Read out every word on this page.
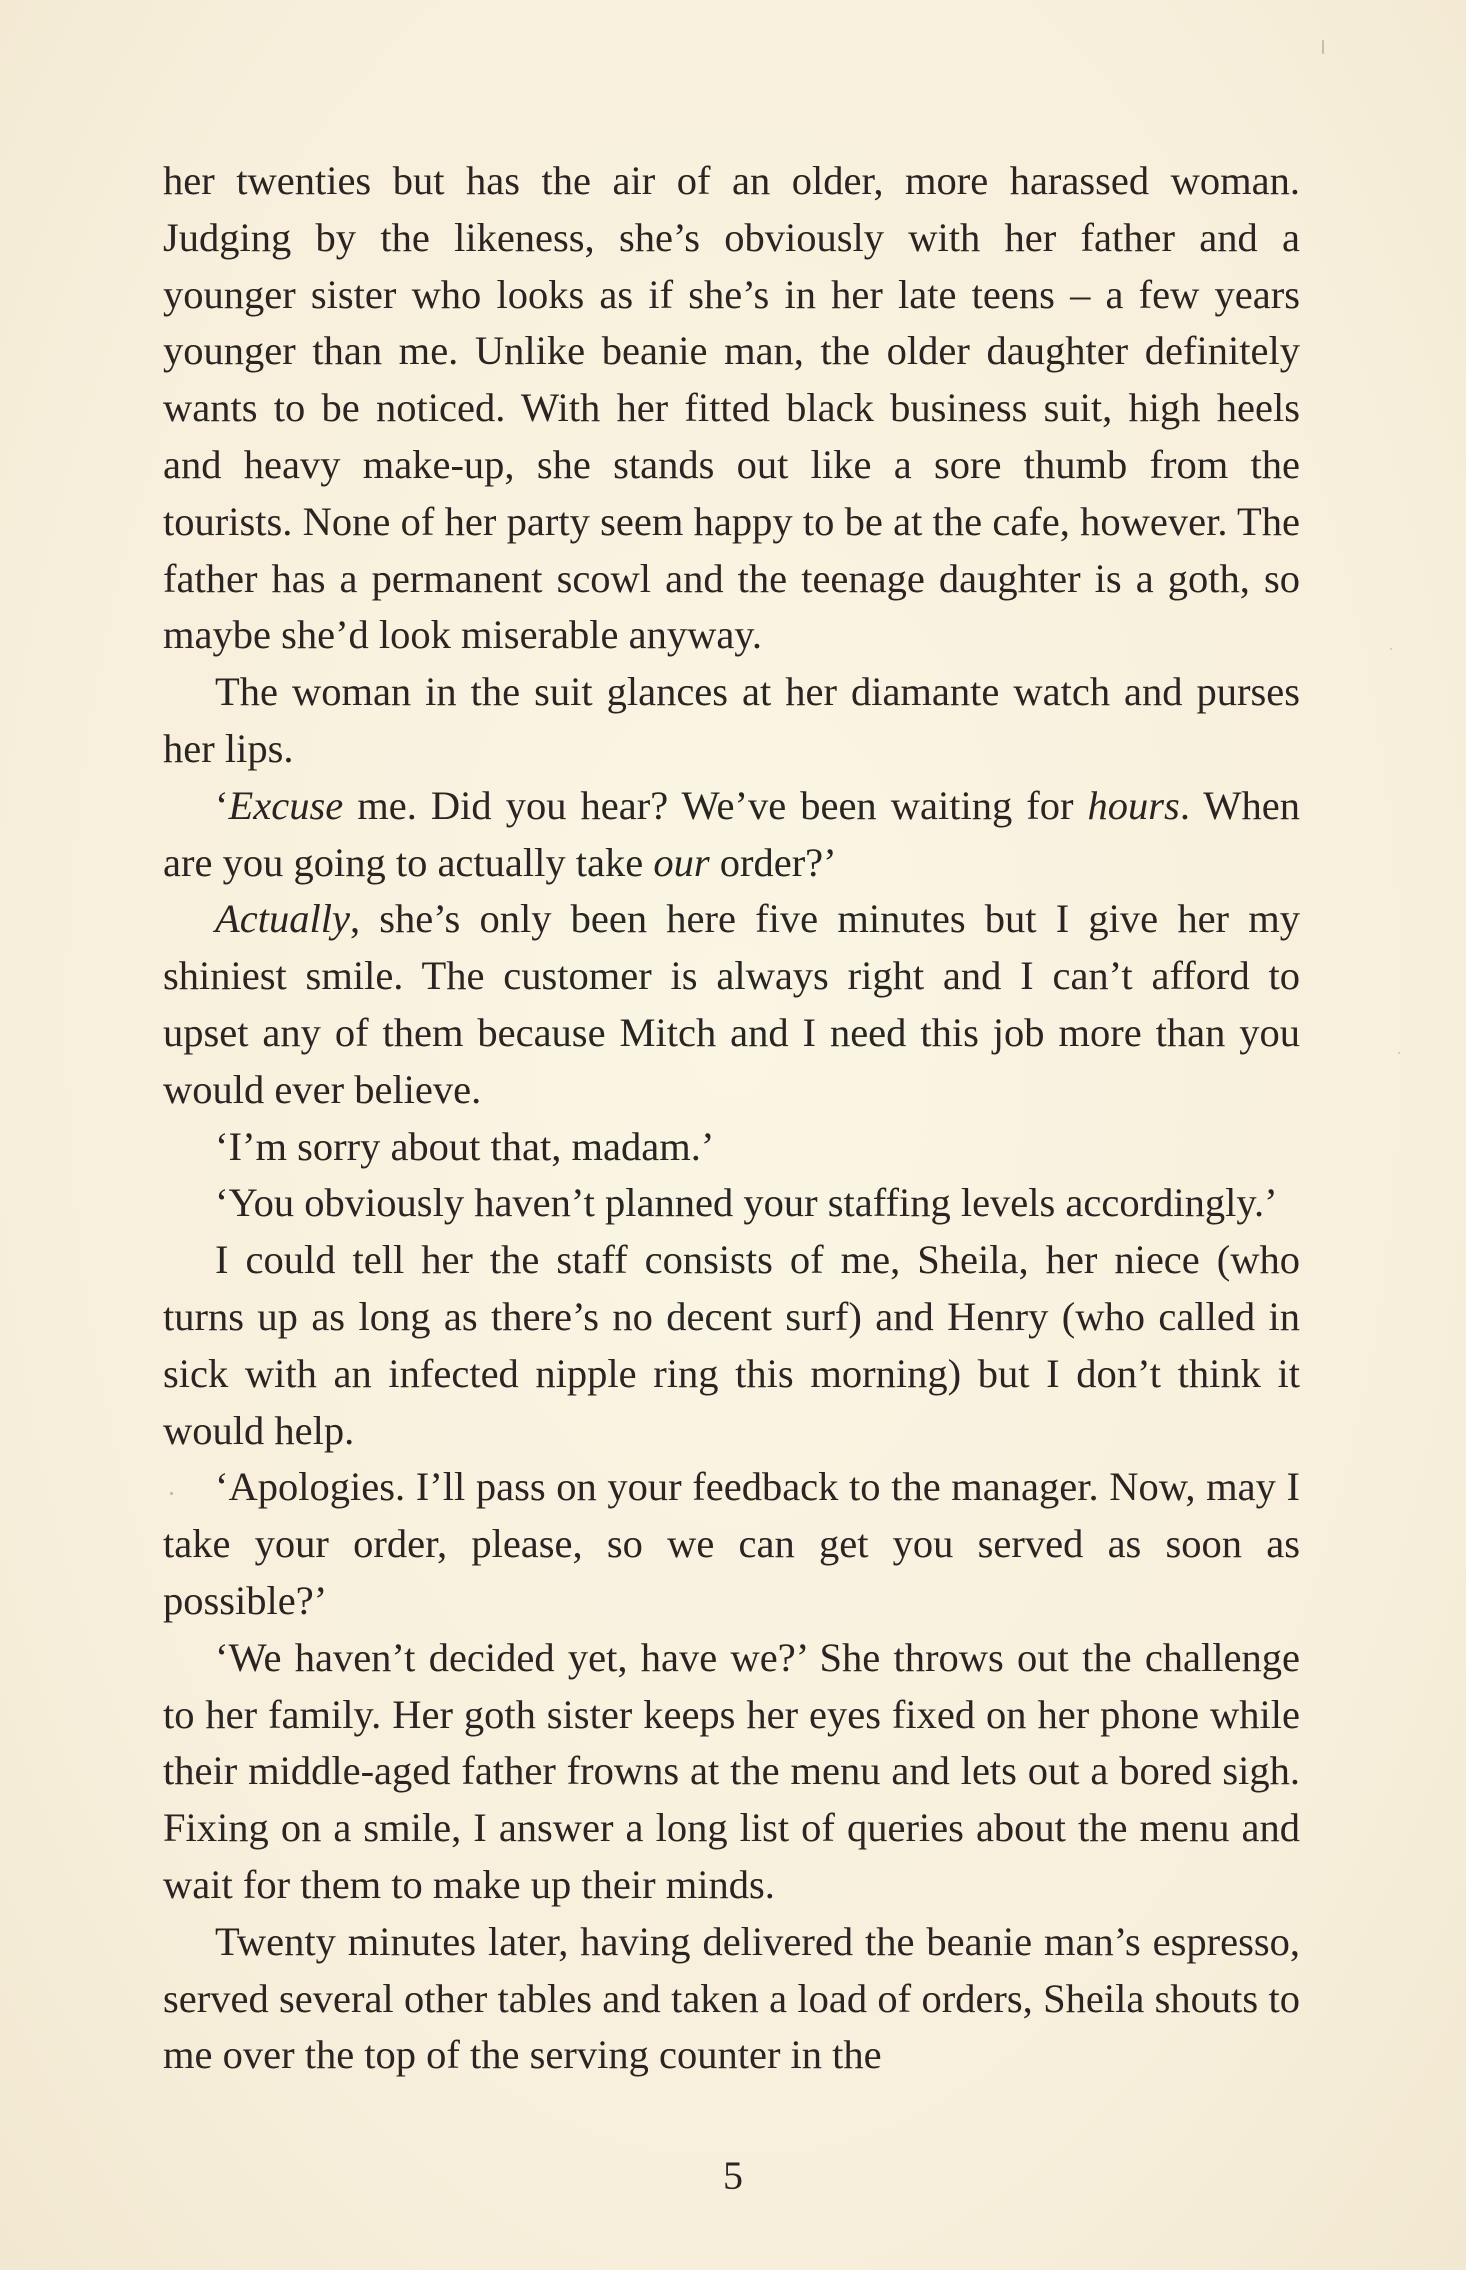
her twenties but has the air of an older, more harassed woman. Judging by the likeness, she’s obviously with her father and a younger sister who looks as if she’s in her late teens – a few years younger than me. Unlike beanie man, the older daughter definitely wants to be noticed. With her fitted black business suit, high heels and heavy make-up, she stands out like a sore thumb from the tourists. None of her party seem happy to be at the cafe, however. The father has a permanent scowl and the teenage daughter is a goth, so maybe she’d look miserable anyway.

The woman in the suit glances at her diamante watch and purses her lips.

‘Excuse me. Did you hear? We’ve been waiting for hours. When are you going to actually take our order?’

Actually, she’s only been here five minutes but I give her my shiniest smile. The customer is always right and I can’t afford to upset any of them because Mitch and I need this job more than you would ever believe.

‘I’m sorry about that, madam.’

‘You obviously haven’t planned your staffing levels accordingly.’

I could tell her the staff consists of me, Sheila, her niece (who turns up as long as there’s no decent surf) and Henry (who called in sick with an infected nipple ring this morning) but I don’t think it would help.

‘Apologies. I’ll pass on your feedback to the manager. Now, may I take your order, please, so we can get you served as soon as possible?’

‘We haven’t decided yet, have we?’ She throws out the challenge to her family. Her goth sister keeps her eyes fixed on her phone while their middle-aged father frowns at the menu and lets out a bored sigh. Fixing on a smile, I answer a long list of queries about the menu and wait for them to make up their minds.

Twenty minutes later, having delivered the beanie man’s espresso, served several other tables and taken a load of orders, Sheila shouts to me over the top of the serving counter in the

5
